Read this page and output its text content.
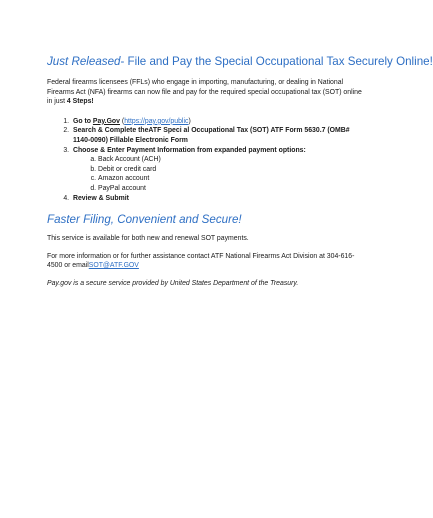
Just Released- File and Pay the Special Occupational Tax Securely Online!

Federal firearms licensees (FFLs) who engage in importing, manufacturing, or dealing in National Firearms Act (NFA) firearms can now file and pay for the required special occupational tax (SOT) online in just 4 Steps!

1. Go to Pay.Gov (https://pay.gov/public)
2. Search & Complete theATF Speci al Occupational Tax (SOT) ATF Form 5630.7 (OMB# 1140-0090) Fillable Electronic Form
3. Choose & Enter Payment Information from expanded payment options:
a. Back Account (ACH)
b. Debit or credit card
c. Amazon account
d. PayPal account
4. Review & Submit
Faster Filing, Convenient and Secure!

This service is available for both new and renewal SOT payments.

For more information or for further assistance contact ATF National Firearms Act Division at 304-616-4500 or emailSOT@ATF.GOV

Pay.gov is a secure service provided by United States Department of the Treasury.
